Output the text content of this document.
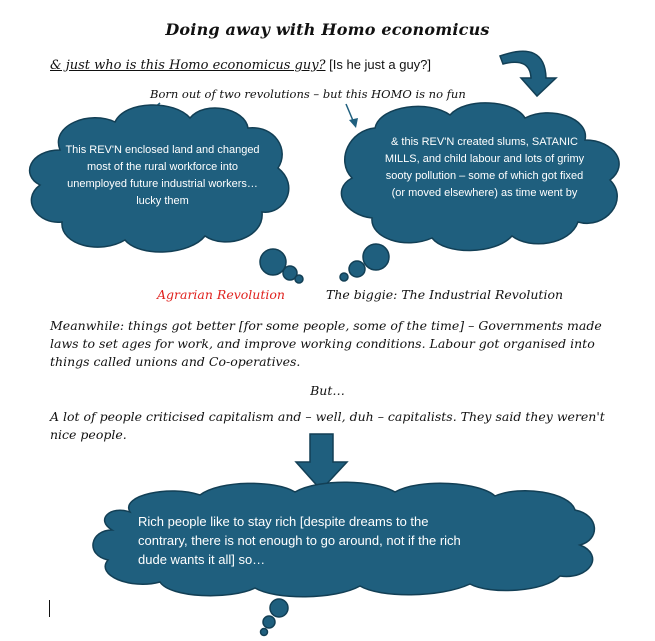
Doing away with Homo economicus
& just who is this Homo economicus guy? [Is he just a guy?]
Born out of two revolutions – but this HOMO is no fun
This REV'N enclosed land and changed most of the rural workforce into unemployed future industrial workers… lucky them
& this REV'N created slums, SATANIC MILLS, and child labour and lots of grimy sooty pollution – some of which got fixed (or moved elsewhere) as time went by
Agrarian Revolution	The biggie: The Industrial Revolution
Meanwhile: things got better [for some people, some of the time] – Governments made laws to set ages for work, and improve working conditions. Labour got organised into things called unions and Co-operatives.
But…
A lot of people criticised capitalism and – well, duh – capitalists. They said they weren't nice people.
Rich people like to stay rich [despite dreams to the contrary, there is not enough to go around, not if the rich dude wants it all] so…
